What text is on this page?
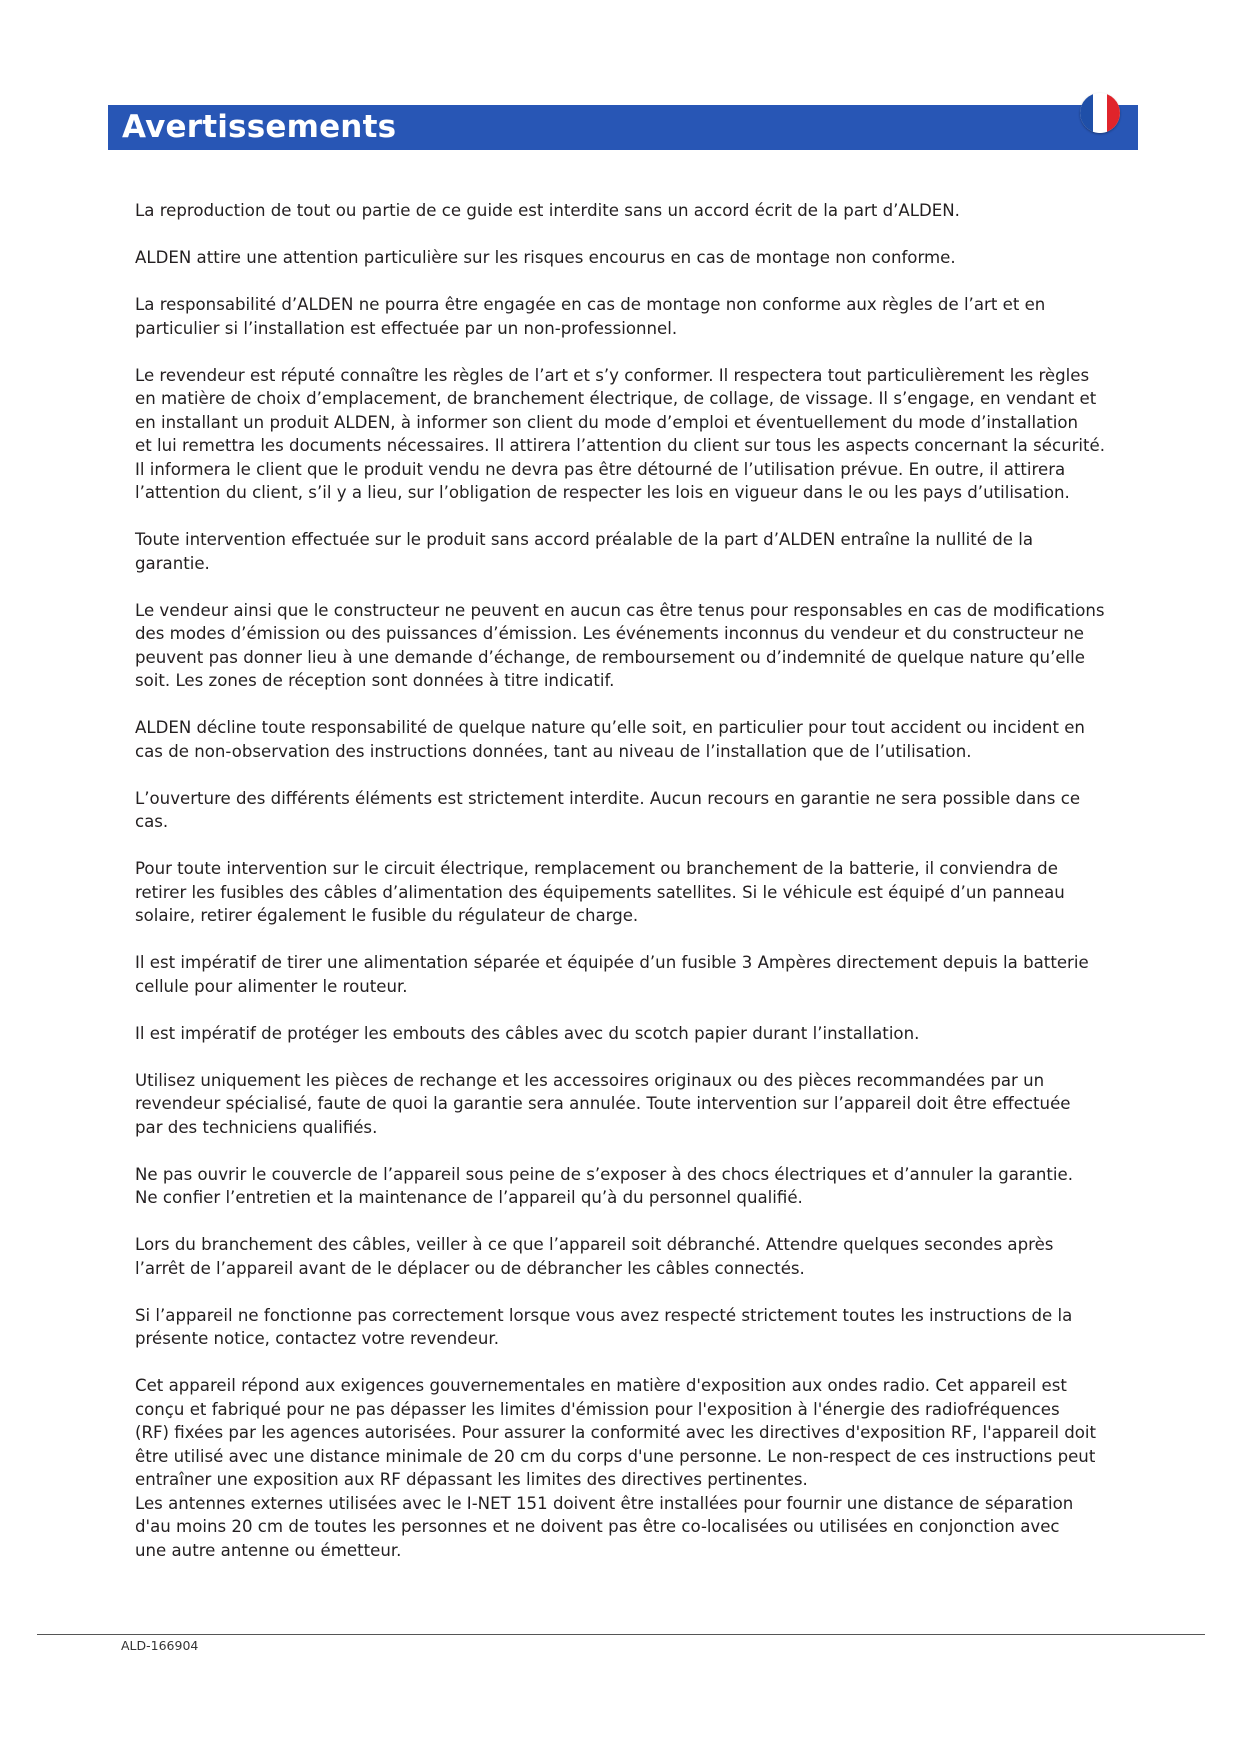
Avertissements
La reproduction de tout ou partie de ce guide est interdite sans un accord écrit de la part d’ALDEN.
ALDEN attire une attention particulière sur les risques encourus en cas de montage non conforme.
La responsabilité d’ALDEN ne pourra être engagée en cas de montage non conforme aux règles de l’art et en
particulier si l’installation est effectuée par un non-professionnel.
Le revendeur est réputé connaître les règles de l’art et s’y conformer. Il respectera tout particulièrement les règles
en matière de choix d’emplacement, de branchement électrique, de collage, de vissage. Il s’engage, en vendant et
en installant un produit ALDEN, à informer son client du mode d’emploi et éventuellement du mode d’installation
et lui remettra les documents nécessaires. Il attirera l’attention du client sur tous les aspects concernant la sécurité.
Il informera le client que le produit vendu ne devra pas être détourné de l’utilisation prévue. En outre, il attirera
l’attention du client, s’il y a lieu, sur l’obligation de respecter les lois en vigueur dans le ou les pays d’utilisation.
Toute intervention effectuée sur le produit sans accord préalable de la part d’ALDEN entraîne la nullité de la
garantie.
Le vendeur ainsi que le constructeur ne peuvent en aucun cas être tenus pour responsables en cas de modifications
des modes d’émission ou des puissances d’émission. Les événements inconnus du vendeur et du constructeur ne
peuvent pas donner lieu à une demande d’échange, de remboursement ou d’indemnité de quelque nature qu’elle
soit. Les zones de réception sont données à titre indicatif.
ALDEN décline toute responsabilité de quelque nature qu’elle soit, en particulier pour tout accident ou incident en
cas de non-observation des instructions données, tant au niveau de l’installation que de l’utilisation.
L’ouverture des différents éléments est strictement interdite. Aucun recours en garantie ne sera possible dans ce
cas.
Pour toute intervention sur le circuit électrique, remplacement ou branchement de la batterie, il conviendra de
retirer les fusibles des câbles d’alimentation des équipements satellites. Si le véhicule est équipé d’un panneau
solaire, retirer également le fusible du régulateur de charge.
Il est impératif de tirer une alimentation séparée et équipée d’un fusible 3 Ampères directement depuis la batterie
cellule pour alimenter le routeur.
Il est impératif de protéger les embouts des câbles avec du scotch papier durant l’installation.
Utilisez uniquement les pièces de rechange et les accessoires originaux ou des pièces recommandées par un
revendeur spécialisé, faute de quoi la garantie sera annulée. Toute intervention sur l’appareil doit être effectuée
par des techniciens qualifiés.
Ne pas ouvrir le couvercle de l’appareil sous peine de s’exposer à des chocs électriques et d’annuler la garantie.
Ne confier l’entretien et la maintenance de l’appareil qu’à du personnel qualifié.
Lors du branchement des câbles, veiller à ce que l’appareil soit débranché. Attendre quelques secondes après
l’arrêt de l’appareil avant de le déplacer ou de débrancher les câbles connectés.
Si l’appareil ne fonctionne pas correctement lorsque vous avez respecté strictement toutes les instructions de la
présente notice, contactez votre revendeur.
Cet appareil répond aux exigences gouvernementales en matière d'exposition aux ondes radio. Cet appareil est
conçu et fabriqué pour ne pas dépasser les limites d'émission pour l'exposition à l'énergie des radiofréquences
(RF) fixées par les agences autorisées. Pour assurer la conformité avec les directives d'exposition RF, l'appareil doit
être utilisé avec une distance minimale de 20 cm du corps d'une personne. Le non-respect de ces instructions peut
entraîner une exposition aux RF dépassant les limites des directives pertinentes.
Les antennes externes utilisées avec le I-NET 151 doivent être installées pour fournir une distance de séparation
d'au moins 20 cm de toutes les personnes et ne doivent pas être co-localisées ou utilisées en conjonction avec
une autre antenne ou émetteur.
ALD-166904
